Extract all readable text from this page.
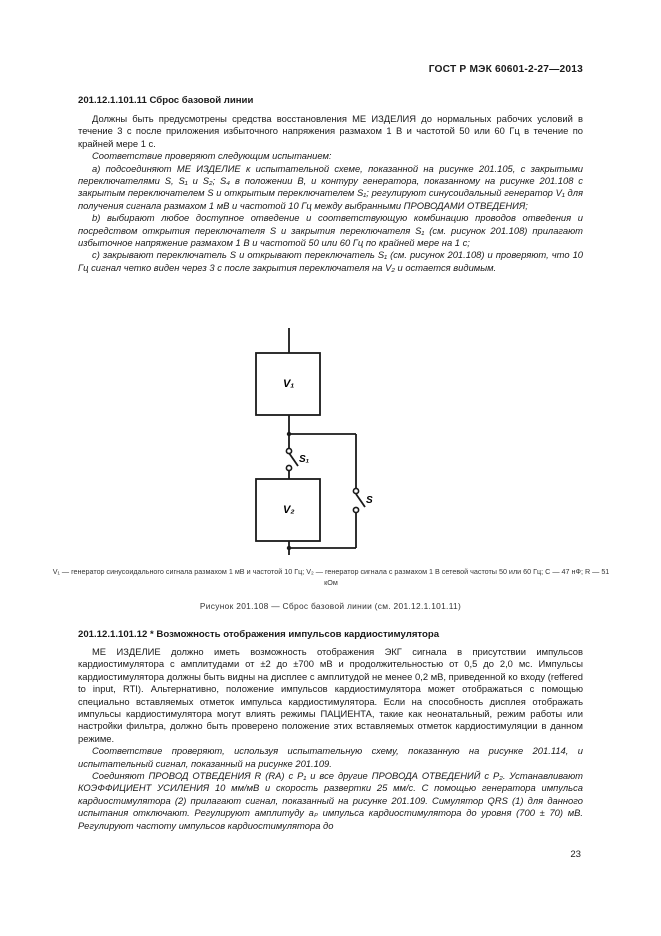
ГОСТ Р МЭК 60601-2-27—2013
201.12.1.101.11 Сброс базовой линии

Должны быть предусмотрены средства восстановления МЕ ИЗДЕЛИЯ до нормальных рабочих условий в течение 3 с после приложения избыточного напряжения размахом 1 В и частотой 50 или 60 Гц в течение по крайней мере 1 с.

Соответствие проверяют следующим испытанием:

a) подсоединяют МЕ ИЗДЕЛИЕ к испытательной схеме, показанной на рисунке 201.105, с закрытыми переключателями S, S₁ и S₂; S₄ в положении B, и контуру генератора, показанному на рисунке 201.108 с закрытым переключателем S и открытым переключателем S₁; регулируют синусоидальный генератор V₁ для получения сигнала размахом 1 мВ и частотой 10 Гц между выбранными ПРОВОДАМИ ОТВЕДЕНИЯ;

b) выбирают любое доступное отведение и соответствующую комбинацию проводов отведения и посредством открытия переключателя S и закрытия переключателя S₁ (см. рисунок 201.108) прилагают избыточное напряжение размахом 1 В и частотой 50 или 60 Гц по крайней мере на 1 с;

c) закрывают переключатель S и открывают переключатель S₁ (см. рисунок 201.108) и проверяют, что 10 Гц сигнал четко виден через 3 с после закрытия переключателя на V₂ и остается видимым.

V₁
V₂
S₁
S
V₁ — генератор синусоидального сигнала размахом 1 мВ и частотой 10 Гц; V₂ — генератор сигнала с размахом 1 В сетевой частоты 50 или 60 Гц; C — 47 нФ; R — 51 кОм
Рисунок 201.108 — Сброс базовой линии (см. 201.12.1.101.11)
201.12.1.101.12 * Возможность отображения импульсов кардиостимулятора

МЕ ИЗДЕЛИЕ должно иметь возможность отображения ЭКГ сигнала в присутствии импульсов кардиостимулятора с амплитудами от ±2 до ±700 мВ и продолжительностью от 0,5 до 2,0 мс. Импульсы кардиостимулятора должны быть видны на дисплее с амплитудой не менее 0,2 мВ, приведенной ко входу (reffered to input, RTI). Альтернативно, положение импульсов кардиостимулятора может отображаться с помощью специально вставляемых отметок импульса кардиостимулятора. Если на способность дисплея отображать импульсы кардиостимулятора могут влиять режимы ПАЦИЕНТА, такие как неонатальный, режим работы или настройки фильтра, должно быть проверено положение этих вставляемых отметок кардиостимуляции в данном режиме.

Соответствие проверяют, используя испытательную схему, показанную на рисунке 201.114, и испытательный сигнал, показанный на рисунке 201.109.

Соединяют ПРОВОД ОТВЕДЕНИЯ R (RA) с P₁ и все другие ПРОВОДА ОТВЕДЕНИЙ с P₂. Устанавливают КОЭФФИЦИЕНТ УСИЛЕНИЯ 10 мм/мВ и скорость развертки 25 мм/с. С помощью генератора импульса кардиостимулятора (2) прилагают сигнал, показанный на рисунке 201.109. Симулятор QRS (1) для данного испытания отключают. Регулируют амплитуду aₚ импульса кардиостимулятора до уровня (700 ± 70) мВ. Регулируют частоту импульсов кардиостимулятора до

23
